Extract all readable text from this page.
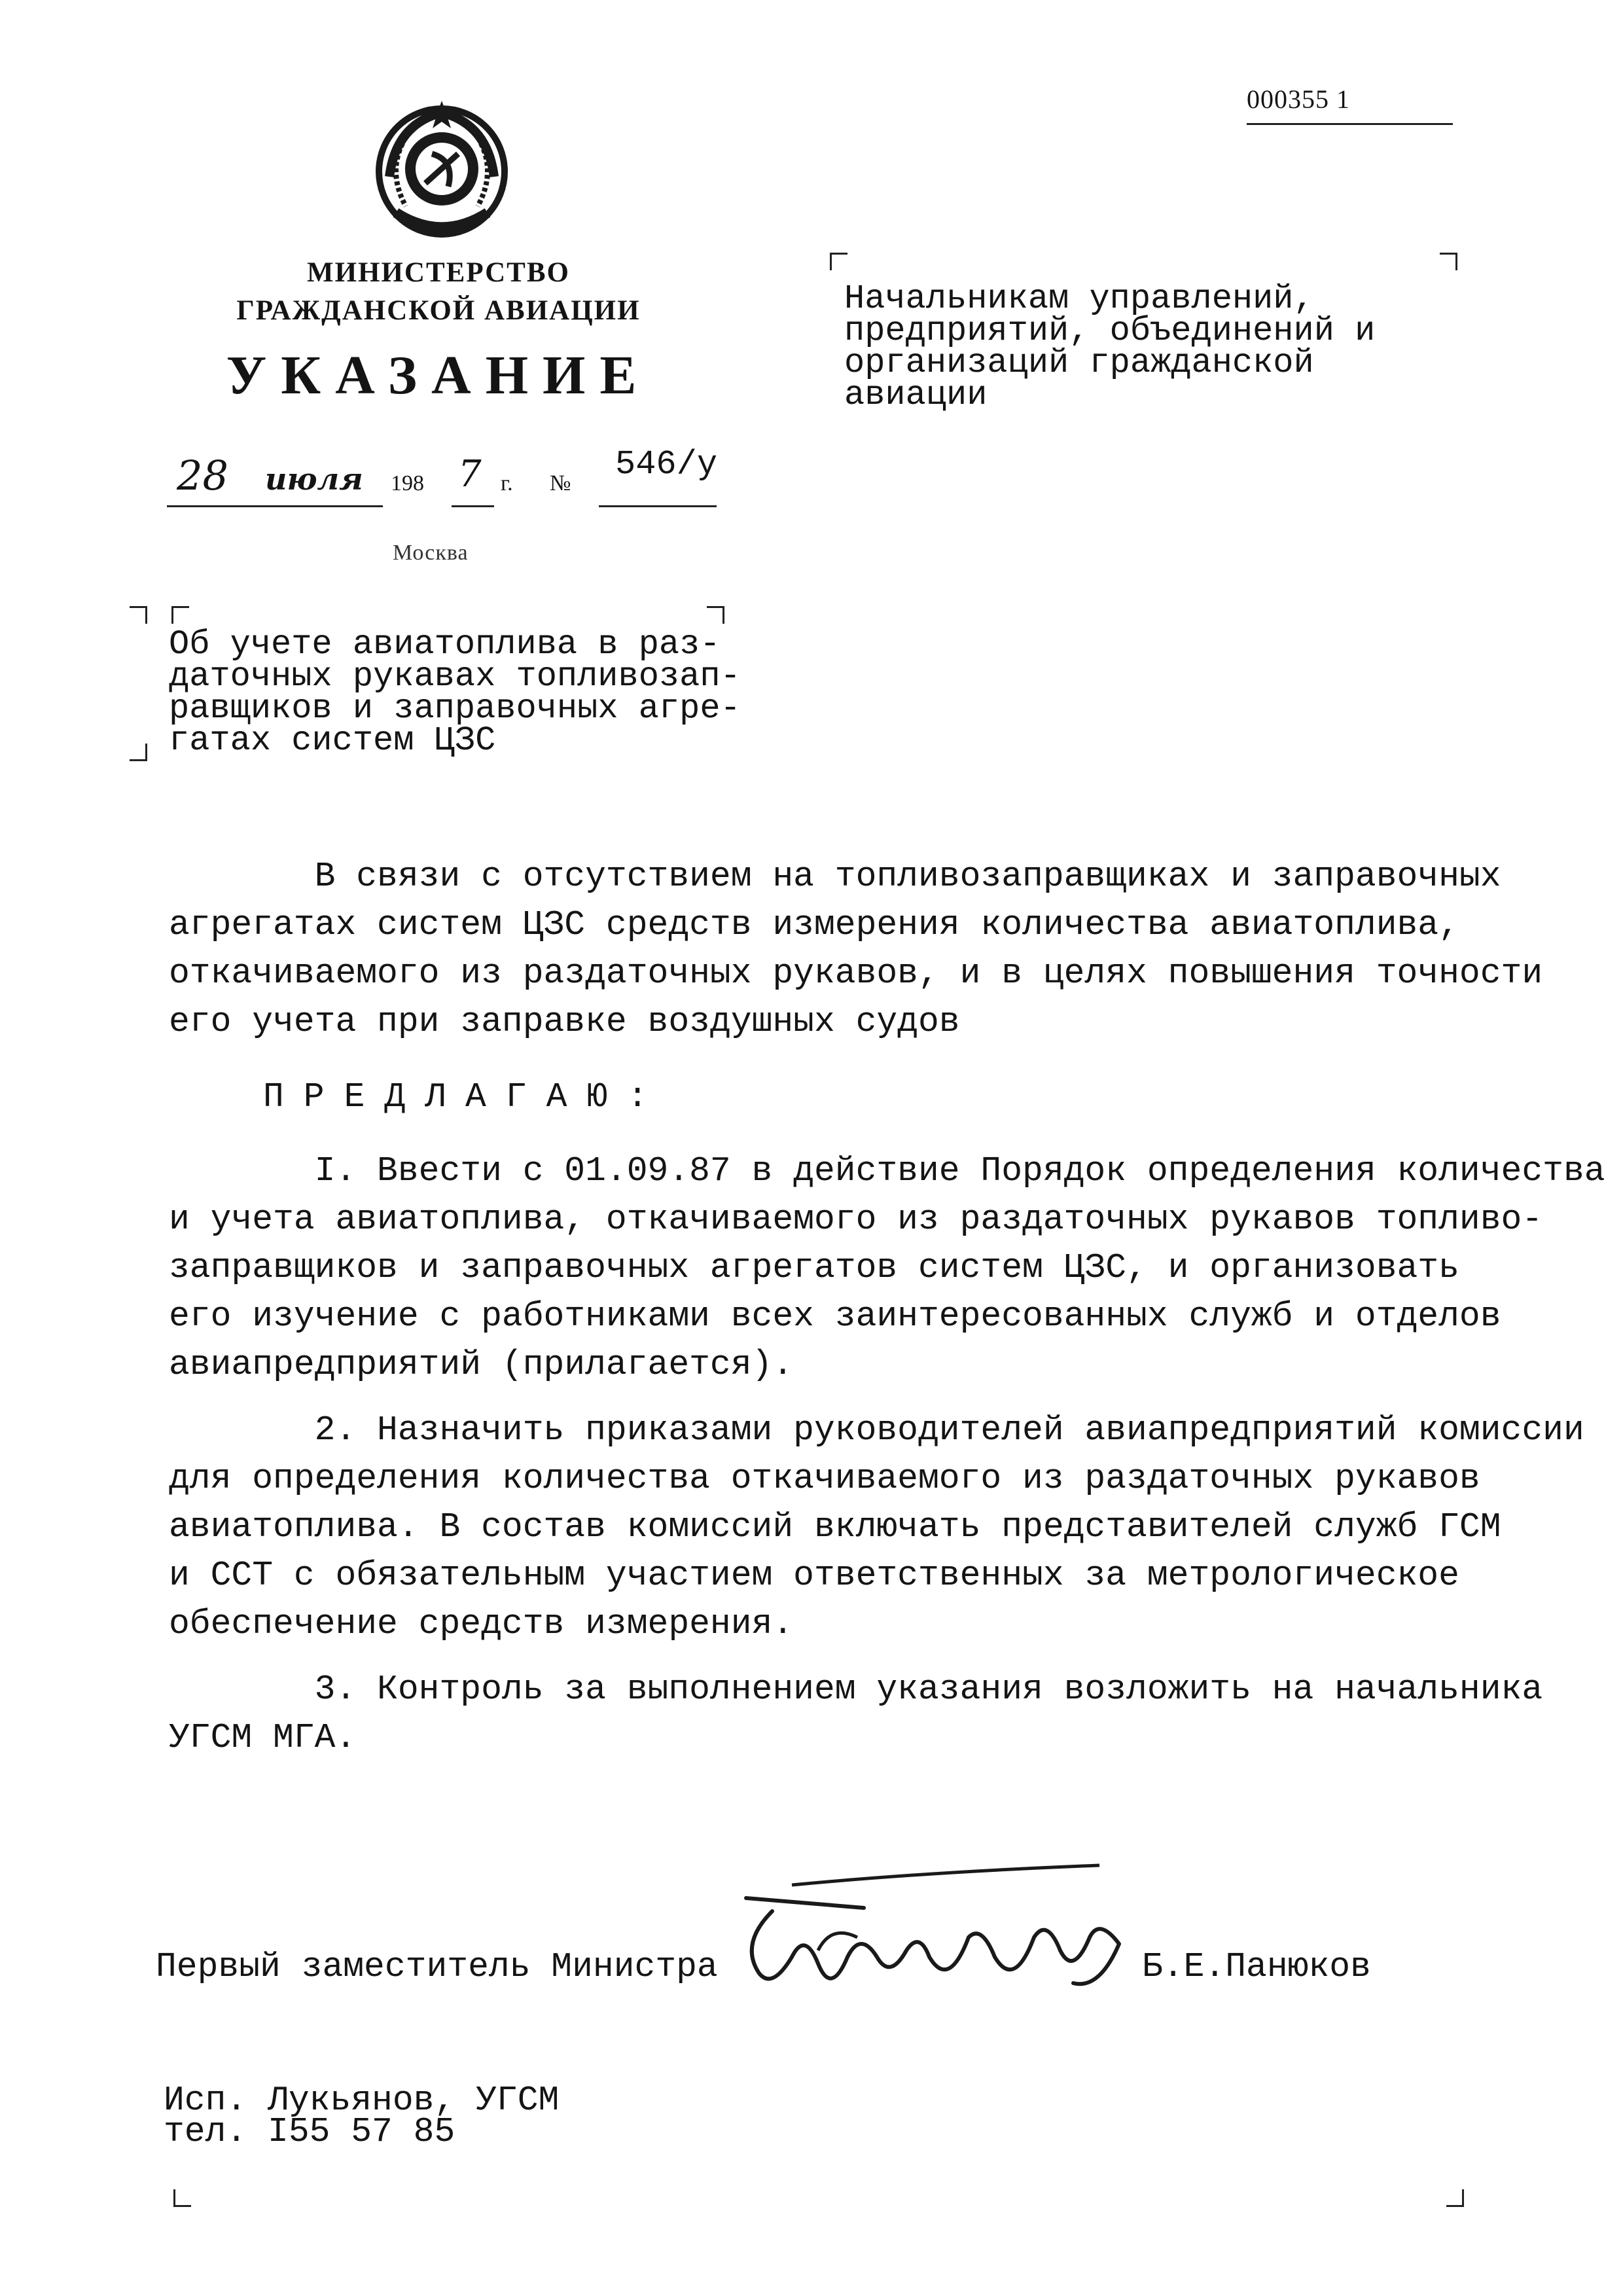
000355 1
МИНИСТЕРСТВО
ГРАЖДАНСКОЙ АВИАЦИИ
УКАЗАНИЕ
28 июля 198 7 г. № 546/у
Москва
Начальникам управлений,
предприятий, объединений и
организаций гражданской
авиации
Об учете авиатоплива в раз-
даточных рукавах топливозап-
равщиков и заправочных агре-
гатах систем ЦЗС
В связи с отсутствием на топливозаправщиках и заправочных
агрегатах систем ЦЗС средств измерения количества авиатоплива,
откачиваемого из раздаточных рукавов, и в целях повышения точности
его учета при заправке воздушных судов
ПРЕДЛАГАЮ:
I. Ввести с 01.09.87 в действие Порядок определения количества
и учета авиатоплива, откачиваемого из раздаточных рукавов топливо-
заправщиков и заправочных агрегатов систем ЦЗС, и организовать
его изучение с работниками всех заинтересованных служб и отделов
авиапредприятий (прилагается).
2. Назначить приказами руководителей авиапредприятий комиссии
для определения количества откачиваемого из раздаточных рукавов
авиатоплива. В состав комиссий включать представителей служб ГСМ
и ССТ с обязательным участием ответственных за метрологическое
обеспечение средств измерения.
3. Контроль за выполнением указания возложить на начальника
УГСМ МГА.
Первый заместитель Министра	Б.Е.Панюков
Исп. Лукьянов, УГСМ
тел. I55 57 85
